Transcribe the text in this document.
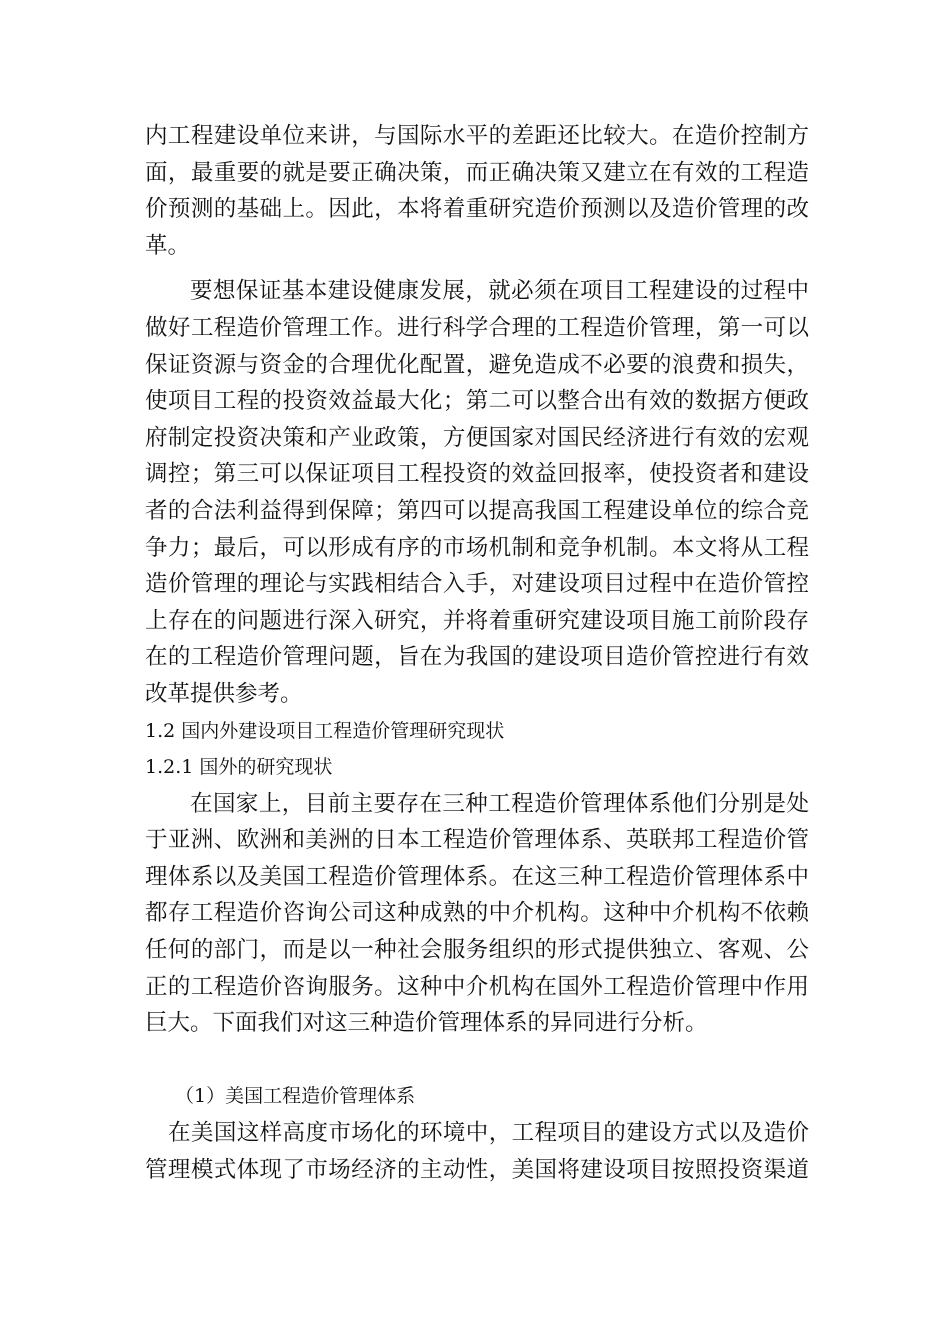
内工程建设单位来讲，与国际水平的差距还比较大。在造价控制方
面，最重要的就是要正确决策，而正确决策又建立在有效的工程造
价预测的基础上。因此，本将着重研究造价预测以及造价管理的改
革。
要想保证基本建设健康发展，就必须在项目工程建设的过程中
做好工程造价管理工作。进行科学合理的工程造价管理，第一可以
保证资源与资金的合理优化配置，避免造成不必要的浪费和损失，
使项目工程的投资效益最大化；第二可以整合出有效的数据方便政
府制定投资决策和产业政策，方便国家对国民经济进行有效的宏观
调控；第三可以保证项目工程投资的效益回报率，使投资者和建设
者的合法利益得到保障；第四可以提高我国工程建设单位的综合竞
争力；最后，可以形成有序的市场机制和竞争机制。本文将从工程
造价管理的理论与实践相结合入手，对建设项目过程中在造价管控
上存在的问题进行深入研究，并将着重研究建设项目施工前阶段存
在的工程造价管理问题，旨在为我国的建设项目造价管控进行有效
改革提供参考。
1.2 国内外建设项目工程造价管理研究现状
1.2.1 国外的研究现状
在国家上，目前主要存在三种工程造价管理体系他们分别是处
于亚洲、欧洲和美洲的日本工程造价管理体系、英联邦工程造价管
理体系以及美国工程造价管理体系。在这三种工程造价管理体系中
都存工程造价咨询公司这种成熟的中介机构。这种中介机构不依赖
任何的部门，而是以一种社会服务组织的形式提供独立、客观、公
正的工程造价咨询服务。这种中介机构在国外工程造价管理中作用
巨大。下面我们对这三种造价管理体系的异同进行分析。
（1）美国工程造价管理体系
在美国这样高度市场化的环境中，工程项目的建设方式以及造价
管理模式体现了市场经济的主动性，美国将建设项目按照投资渠道
